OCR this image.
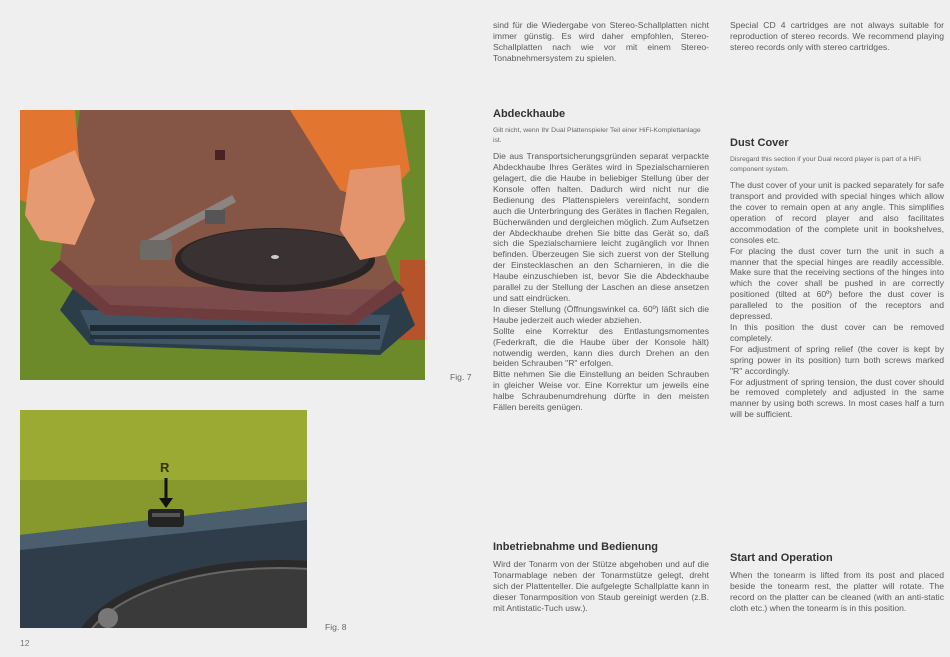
R
Fig. 7
Fig. 8
12

sind für die Wiedergabe von Stereo-Schallplatten nicht immer günstig. Es wird daher empfohlen, Stereo-Schallplatten nach wie vor mit einem Stereo-Tonabnehmersystem zu spielen.

Abdeckhaube

Gilt nicht, wenn Ihr Dual Plattenspieler Teil einer HiFi-Komplettanlage ist.

Die aus Transportsicherungsgründen separat verpackte Abdeckhaube Ihres Gerätes wird in Spezialscharnieren gelagert, die die Haube in beliebiger Stellung über der Konsole offen halten. Dadurch wird nicht nur die Bedienung des Plattenspielers vereinfacht, sondern auch die Unterbringung des Gerätes in flachen Regalen, Bücherwänden und dergleichen möglich. Zum Aufsetzen der Abdeckhaube drehen Sie bitte das Gerät so, daß sich die Spezialscharniere leicht zugänglich vor Ihnen befinden. Überzeugen Sie sich zuerst von der Stellung der Einstecklaschen an den Scharnieren, in die die Haube einzuschieben ist, bevor Sie die Abdeckhaube parallel zu der Stellung der Laschen an diese ansetzen und satt eindrücken.

In dieser Stellung (Öffnungswinkel ca. 60º) läßt sich die Haube jederzeit auch wieder abziehen.

Sollte eine Korrektur des Entlastungsmomentes (Federkraft, die die Haube über der Konsole hält) notwendig werden, kann dies durch Drehen an den beiden Schrauben "R" erfolgen.

Bitte nehmen Sie die Einstellung an beiden Schrauben in gleicher Weise vor. Eine Korrektur um jeweils eine halbe Schraubenumdrehung dürfte in den meisten Fällen bereits genügen.

Inbetriebnahme und Bedienung

Wird der Tonarm von der Stütze abgehoben und auf die Tonarmablage neben der Tonarmstütze gelegt, dreht sich der Plattenteller. Die aufgelegte Schallplatte kann in dieser Tonarmposition von Staub gereinigt werden (z.B. mit Antistatic-Tuch usw.).

Special CD 4 cartridges are not always suitable for reproduction of stereo records. We recommend playing stereo records only with stereo cartridges.

Dust Cover

Disregard this section if your Dual record player is part of a HiFi component system.

The dust cover of your unit is packed separately for safe transport and provided with special hinges which allow the cover to remain open at any angle. This simplifies operation of record player and also facilitates accommodation of the complete unit in bookshelves, consoles etc.

For placing the dust cover turn the unit in such a manner that the special hinges are readily accessible. Make sure that the receiving sections of the hinges into which the cover shall be pushed in are correctly positioned (tilted at 60º) before the dust cover is paralleled to the position of the receptors and depressed.

In this position the dust cover can be removed completely.

For adjustment of spring relief (the cover is kept by spring power in its position) turn both screws marked "R" accordingly.

For adjustment of spring tension, the dust cover should be removed completely and adjusted in the same manner by using both screws. In most cases half a turn will be sufficient.

Start and Operation

When the tonearm is lifted from its post and placed beside the tonearm rest, the platter will rotate. The record on the platter can be cleaned (with an anti-static cloth etc.) when the tonearm is in this position.
